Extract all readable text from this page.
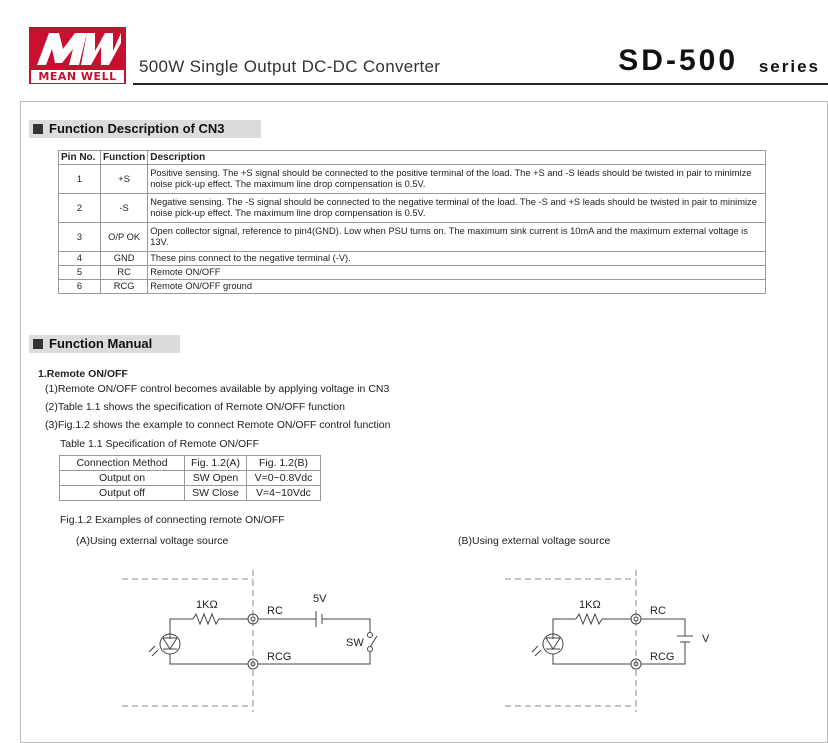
MEAN WELL
500W Single Output DC-DC Converter	SD-500 series
Function Description of CN3
Pin No.	Function	Description
1	+S	Positive sensing. The +S signal should be connected to the positive terminal of the load. The +S and -S leads should be twisted in pair to minimize noise pick-up effect. The maximum line drop compensation is 0.5V.
2	-S	Negative sensing. The -S signal should be connected to the negative terminal of the load. The -S and +S leads should be twisted in pair to minimize noise pick-up effect. The maximum line drop compensation is 0.5V.
3	O/P OK	Open collector signal, reference to pin4(GND). Low when PSU turns on. The maximum sink current is 10mA and the maximum external voltage is 13V.
4	GND	These pins connect to the negative terminal (-V).
5	RC	Remote ON/OFF
6	RCG	Remote ON/OFF ground
Function Manual
1.Remote ON/OFF
(1)Remote ON/OFF control becomes available by applying voltage in CN3
(2)Table 1.1 shows the specification of Remote ON/OFF function
(3)Fig.1.2 shows the example to connect Remote ON/OFF control function
Table 1.1 Specification of Remote ON/OFF
Connection Method	Fig. 1.2(A)	Fig. 1.2(B)
Output on	SW Open	V=0~0.8Vdc
Output off	SW Close	V=4~10Vdc
Fig.1.2 Examples of connecting remote ON/OFF
(A)Using external voltage source	(B)Using external voltage source
1KΩ	RC
RCG
5V
SW
1KΩ	RC
RCG
V
